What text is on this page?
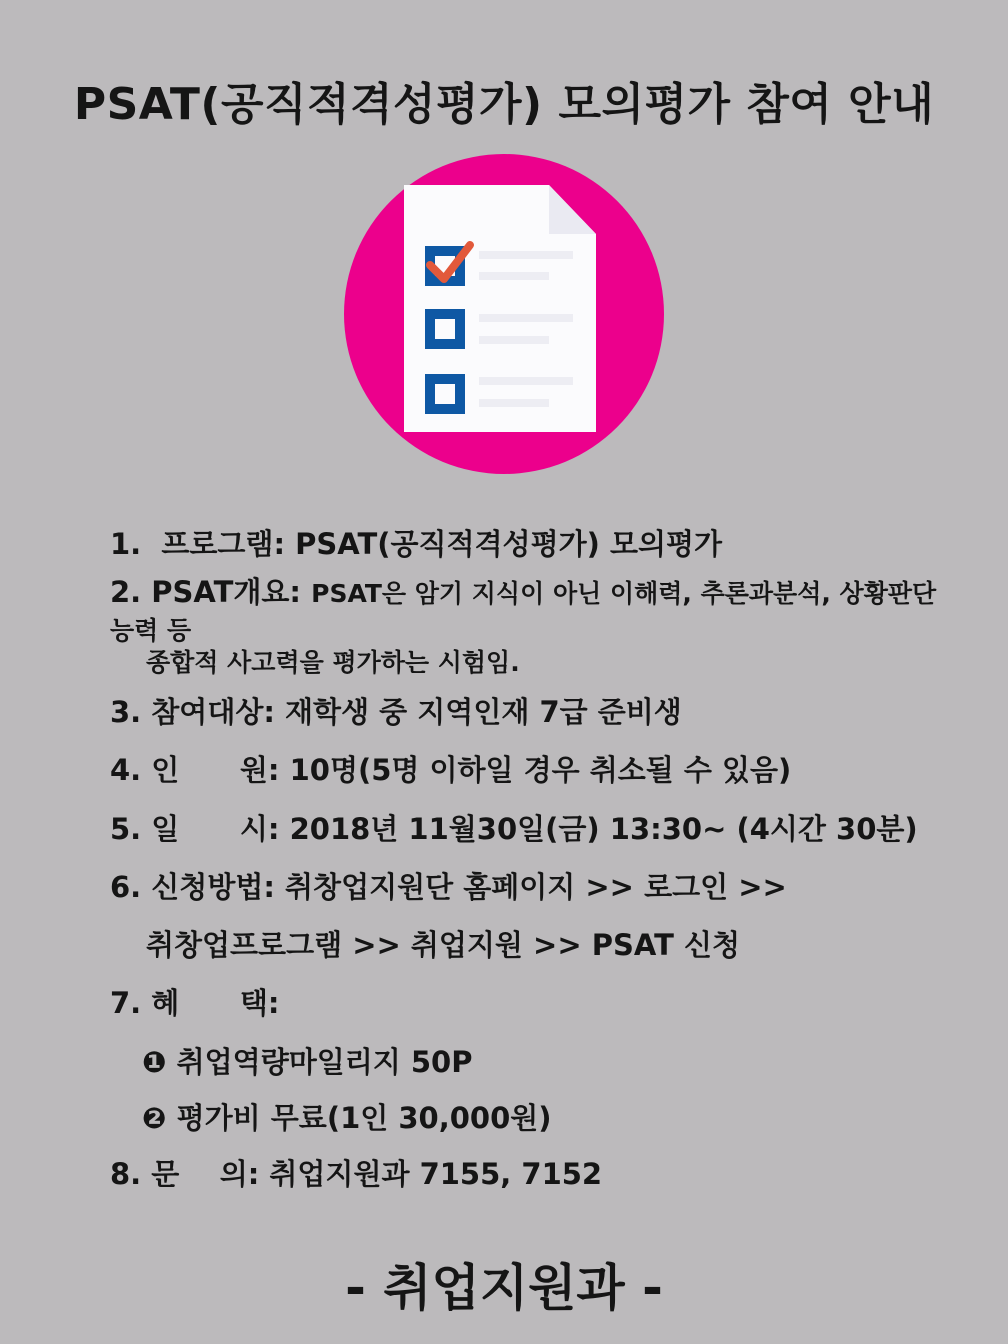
PSAT(공직적격성평가) 모의평가 참여 안내

1.  프로그램: PSAT(공직적격성평가) 모의평가

2. PSAT개요: PSAT은 암기 지식이 아닌 이해력, 추론과분석, 상황판단능력 등

종합적 사고력을 평가하는 시험임.

3. 참여대상: 재학생 중 지역인재 7급 준비생

4. 인      원: 10명(5명 이하일 경우 취소될 수 있음)

5. 일      시: 2018년 11월30일(금) 13:30~ (4시간 30분)

6. 신청방법: 취창업지원단 홈페이지 >> 로그인 >>

취창업프로그램 >> 취업지원 >> PSAT 신청

7. 혜      택:

❶ 취업역량마일리지 50P

❷ 평가비 무료(1인 30,000원)

8. 문    의: 취업지원과 7155, 7152

- 취업지원과 -
